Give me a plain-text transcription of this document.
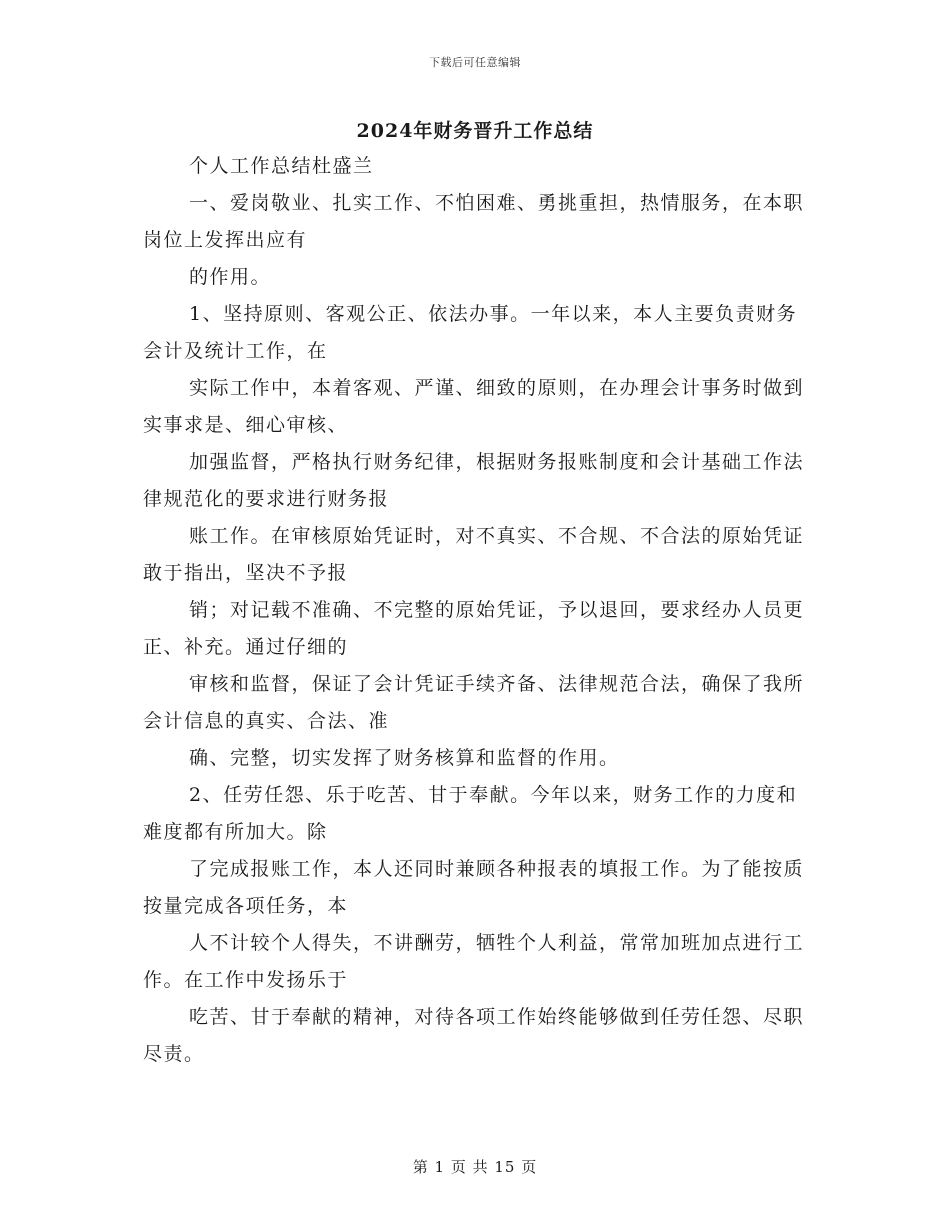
下载后可任意编辑
2024年财务晋升工作总结

个人工作总结杜盛兰

一、爱岗敬业、扎实工作、不怕困难、勇挑重担，热情服务，在本职岗位上发挥出应有

的作用。

1、坚持原则、客观公正、依法办事。一年以来，本人主要负责财务会计及统计工作，在

实际工作中，本着客观、严谨、细致的原则，在办理会计事务时做到实事求是、细心审核、

加强监督，严格执行财务纪律，根据财务报账制度和会计基础工作法律规范化的要求进行财务报

账工作。在审核原始凭证时，对不真实、不合规、不合法的原始凭证敢于指出，坚决不予报

销；对记载不准确、不完整的原始凭证，予以退回，要求经办人员更正、补充。通过仔细的

审核和监督，保证了会计凭证手续齐备、法律规范合法，确保了我所会计信息的真实、合法、准

确、完整，切实发挥了财务核算和监督的作用。

2、任劳任怨、乐于吃苦、甘于奉献。今年以来，财务工作的力度和难度都有所加大。除

了完成报账工作，本人还同时兼顾各种报表的填报工作。为了能按质按量完成各项任务，本

人不计较个人得失，不讲酬劳，牺牲个人利益，常常加班加点进行工作。在工作中发扬乐于

吃苦、甘于奉献的精神，对待各项工作始终能够做到任劳任怨、尽职尽责。

第 1 页 共 15 页
